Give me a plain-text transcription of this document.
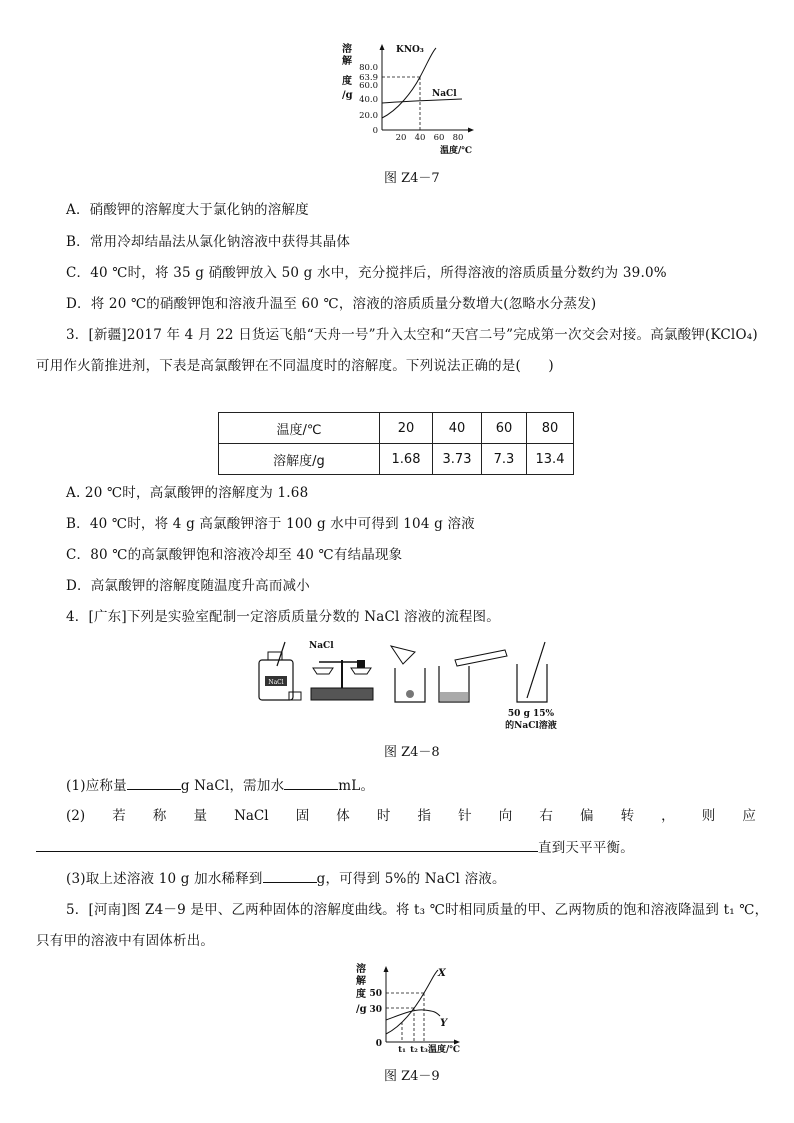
溶
解
度
/g
80.0
63.9
60.0
40.0
20.0
0
KNO₃
NaCl
20 40 60 80
温度/℃
图 Z4－7
A．硝酸钾的溶解度大于氯化钠的溶解度
B．常用冷却结晶法从氯化钠溶液中获得其晶体
C．40 ℃时，将 35 g 硝酸钾放入 50 g 水中，充分搅拌后，所得溶液的溶质质量分数约为 39.0%
D．将 20 ℃的硝酸钾饱和溶液升温至 60 ℃，溶液的溶质质量分数增大(忽略水分蒸发)
3．[新疆]2017 年 4 月 22 日货运飞船“天舟一号”升入太空和“天宫二号”完成第一次交会对接。高氯酸钾(KClO₄)
可用作火箭推进剂，下表是高氯酸钾在不同温度时的溶解度。下列说法正确的是(　　)
温度/℃	20	40	60	80
溶解度/g	1.68	3.73	7.3	13.4
A. 20 ℃时，高氯酸钾的溶解度为 1.68
B．40 ℃时，将 4 g 高氯酸钾溶于 100 g 水中可得到 104 g 溶液
C．80 ℃的高氯酸钾饱和溶液冷却至 40 ℃有结晶现象
D．高氯酸钾的溶解度随温度升高而减小
4．[广东]下列是实验室配制一定溶质质量分数的 NaCl 溶液的流程图。
NaCl
NaCl
50 g 15%
的NaCl溶液
图 Z4－8
(1)应称量	g NaCl，需加水	mL。
(2) 若 称 量 NaCl 固 体 时 指 针 向 右 偏 转 ， 则 应
直到天平平衡。
(3)取上述溶液 10 g 加水稀释到	g，可得到 5%的 NaCl 溶液。
5．[河南]图 Z4－9 是甲、乙两种固体的溶解度曲线。将 t₃ ℃时相同质量的甲、乙两物质的饱和溶液降温到 t₁ ℃，
只有甲的溶液中有固体析出。
溶
解
度
/g
50
30
0
X
Y
t₁ t₂ t₃ 温度/℃
图 Z4－9
